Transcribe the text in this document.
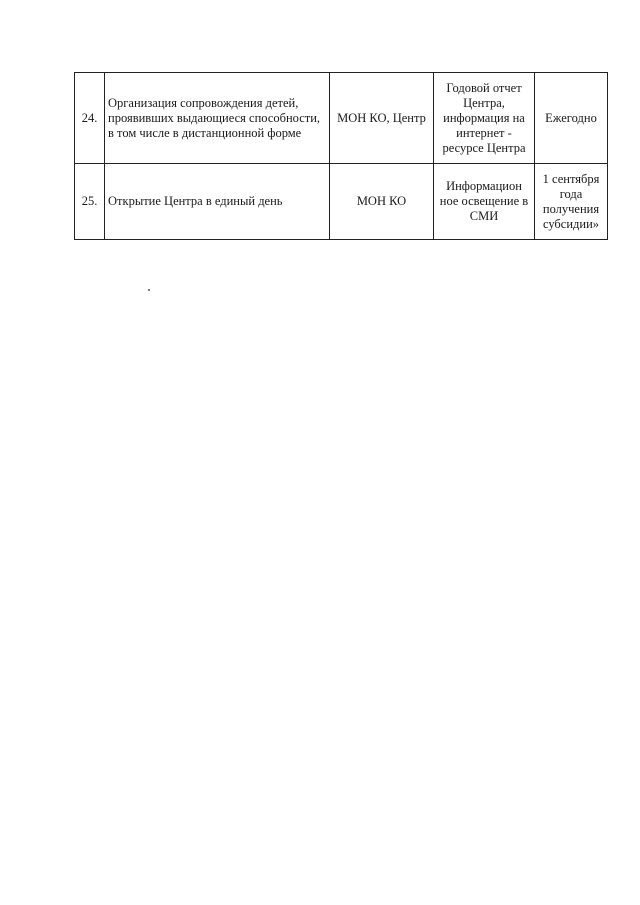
24.	Организация сопровождения детей, проявивших выдающиеся способности, в том числе в дистанционной форме	МОН КО, Центр	Годовой отчет Центра, информация на интернет - ресурсе Центра	Ежегодно
25.	Открытие Центра в единый день	МОН КО	Информацион ное освещение в СМИ	1 сентября года получения субсидии»
